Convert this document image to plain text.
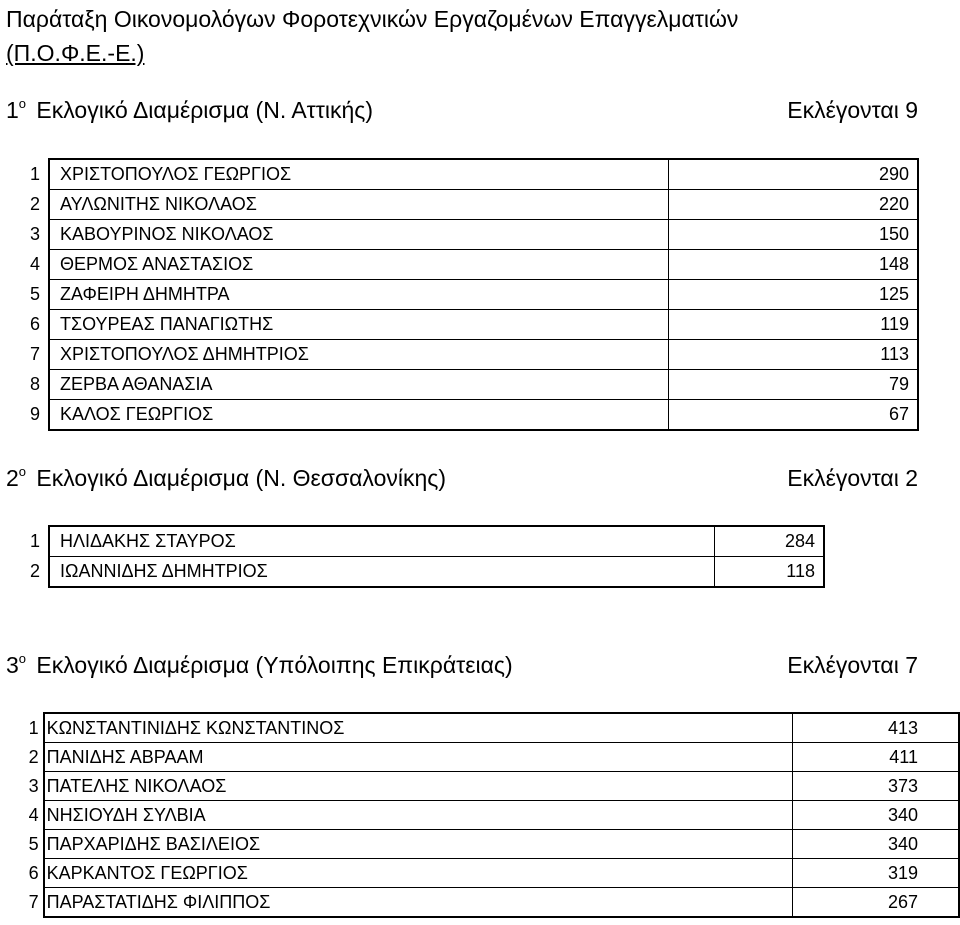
Παράταξη Οικονομολόγων Φοροτεχνικών Εργαζομένων Επαγγελματιών
(Π.Ο.Φ.Ε.-Ε.)
$1^o$ Εκλογικό Διαμέρισμα (Ν. Αττικής)	Εκλέγονται 9
1	ΧΡΙΣΤΟΠΟΥΛΟΣ ΓΕΩΡΓΙΟΣ	290
2	ΑΥΛΩΝΙΤΗΣ ΝΙΚΟΛΑΟΣ	220
3	ΚΑΒΟΥΡΙΝΟΣ ΝΙΚΟΛΑΟΣ	150
4	ΘΕΡΜΟΣ ΑΝΑΣΤΑΣΙΟΣ	148
5	ΖΑΦΕΙΡΗ ΔΗΜΗΤΡΑ	125
6	ΤΣΟΥΡΕΑΣ ΠΑΝΑΓΙΩΤΗΣ	119
7	ΧΡΙΣΤΟΠΟΥΛΟΣ ΔΗΜΗΤΡΙΟΣ	113
8	ΖΕΡΒΑ ΑΘΑΝΑΣΙΑ	79
9	ΚΑΛΟΣ ΓΕΩΡΓΙΟΣ	67
$2^o$ Εκλογικό Διαμέρισμα (Ν. Θεσσαλονίκης)	Εκλέγονται 2
1	ΗΛΙΔΑΚΗΣ ΣΤΑΥΡΟΣ	284
2	ΙΩΑΝΝΙΔΗΣ ΔΗΜΗΤΡΙΟΣ	118
$3^o$ Εκλογικό Διαμέρισμα (Υπόλοιπης Επικράτειας)	Εκλέγονται 7
1	ΚΩΝΣΤΑΝΤΙΝΙΔΗΣ ΚΩΝΣΤΑΝΤΙΝΟΣ	413
2	ΠΑΝΙΔΗΣ ΑΒΡΑΑΜ	411
3	ΠΑΤΕΛΗΣ ΝΙΚΟΛΑΟΣ	373
4	ΝΗΣΙΟΥΔΗ ΣΥΛΒΙΑ	340
5	ΠΑΡΧΑΡΙΔΗΣ ΒΑΣΙΛΕΙΟΣ	340
6	ΚΑΡΚΑΝΤΟΣ ΓΕΩΡΓΙΟΣ	319
7	ΠΑΡΑΣΤΑΤΙΔΗΣ ΦΙΛΙΠΠΟΣ	267
